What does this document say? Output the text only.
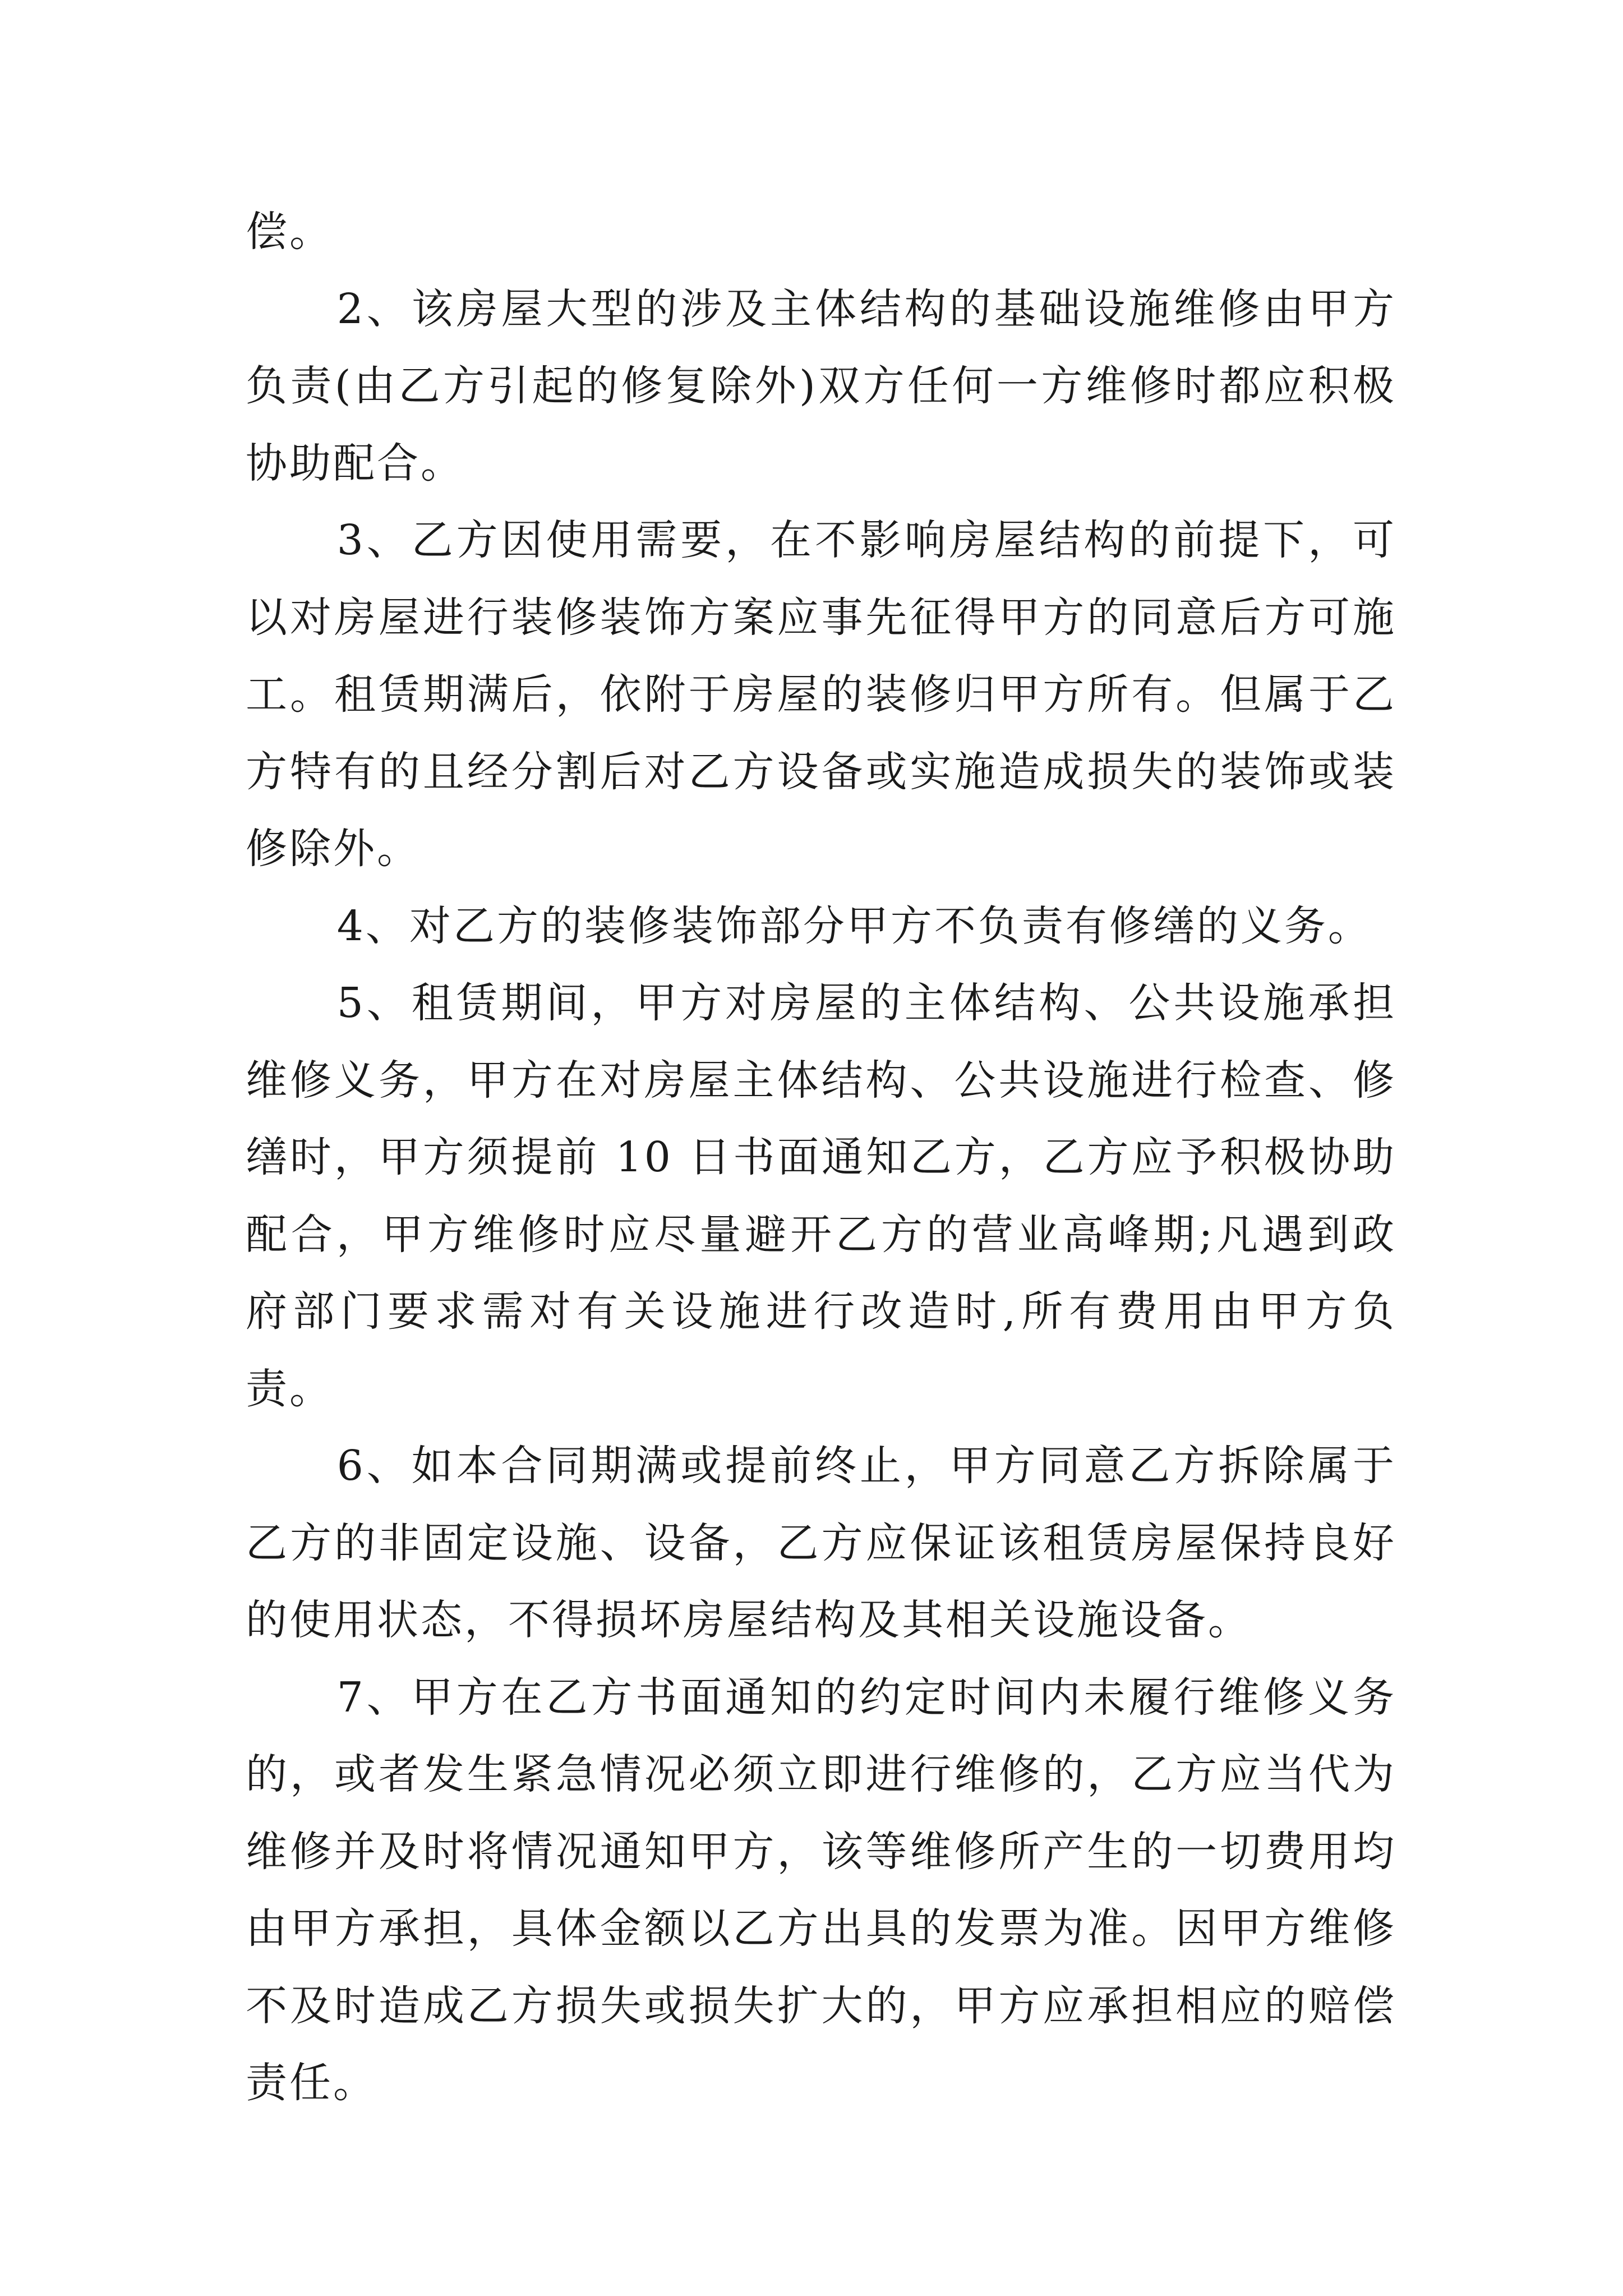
偿。

2、该房屋大型的涉及主体结构的基础设施维修由甲方负责(由乙方引起的修复除外)双方任何一方维修时都应积极协助配合。

3、乙方因使用需要，在不影响房屋结构的前提下，可以对房屋进行装修装饰方案应事先征得甲方的同意后方可施工。租赁期满后，依附于房屋的装修归甲方所有。但属于乙方特有的且经分割后对乙方设备或实施造成损失的装饰或装修除外。

4、对乙方的装修装饰部分甲方不负责有修缮的义务。

5、租赁期间，甲方对房屋的主体结构、公共设施承担维修义务，甲方在对房屋主体结构、公共设施进行检查、修缮时，甲方须提前 10 日书面通知乙方，乙方应予积极协助配合，甲方维修时应尽量避开乙方的营业高峰期;凡遇到政府部门要求需对有关设施进行改造时,所有费用由甲方负责。

6、如本合同期满或提前终止，甲方同意乙方拆除属于乙方的非固定设施、设备，乙方应保证该租赁房屋保持良好的使用状态，不得损坏房屋结构及其相关设施设备。

7、甲方在乙方书面通知的约定时间内未履行维修义务的，或者发生紧急情况必须立即进行维修的，乙方应当代为维修并及时将情况通知甲方，该等维修所产生的一切费用均由甲方承担，具体金额以乙方出具的发票为准。因甲方维修不及时造成乙方损失或损失扩大的，甲方应承担相应的赔偿责任。
